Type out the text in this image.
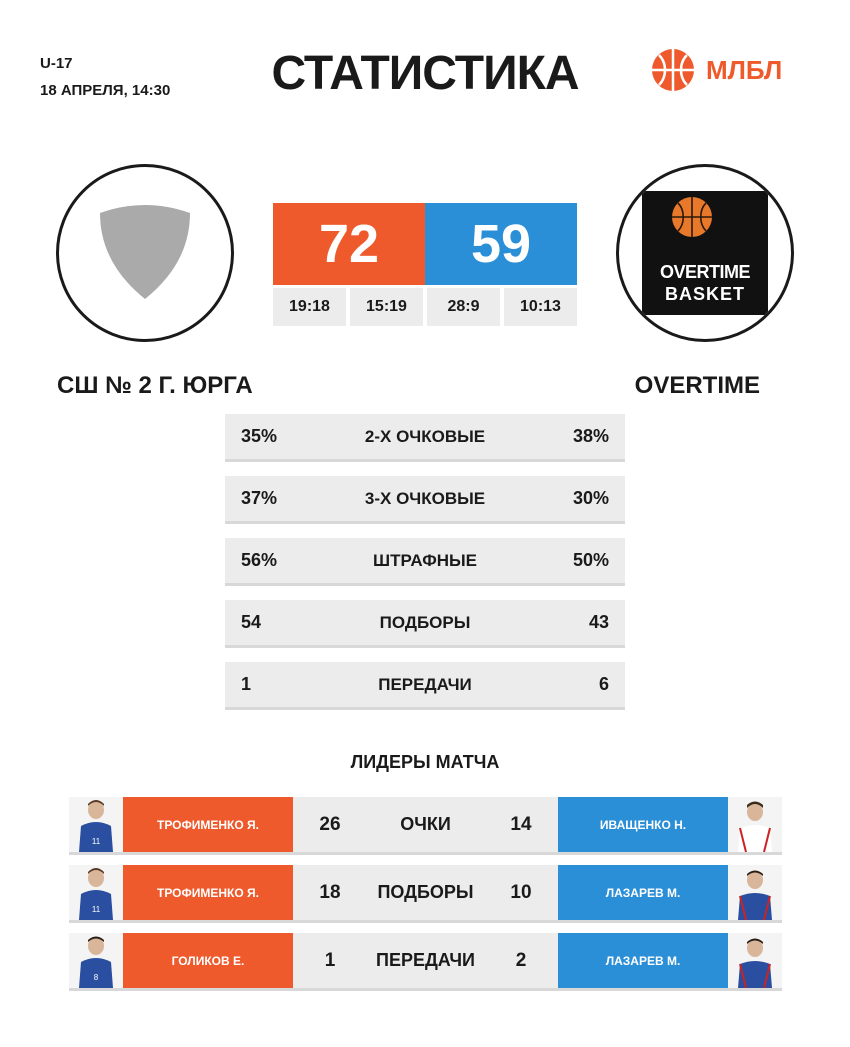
U-17
18 АПРЕЛЯ, 14:30	СТАТИСТИКА	МЛБЛ
OVERTIME
BASKET
СШ № 2 Г. ЮРГА	OVERTIME
72	59
19:18	15:19	28:9	10:13
35%	2-Х ОЧКОВЫЕ	38%
37%	3-Х ОЧКОВЫЕ	30%
56%	ШТРАФНЫЕ	50%
54	ПОДБОРЫ	43
1	ПЕРЕДАЧИ	6
ЛИДЕРЫ МАТЧА
11
ТРОФИМЕНКО Я.	26	ОЧКИ	14	ИВАЩЕНКО Н.
11
ТРОФИМЕНКО Я.	18	ПОДБОРЫ	10	ЛАЗАРЕВ М.
8
ГОЛИКОВ Е.	1	ПЕРЕДАЧИ	2	ЛАЗАРЕВ М.
